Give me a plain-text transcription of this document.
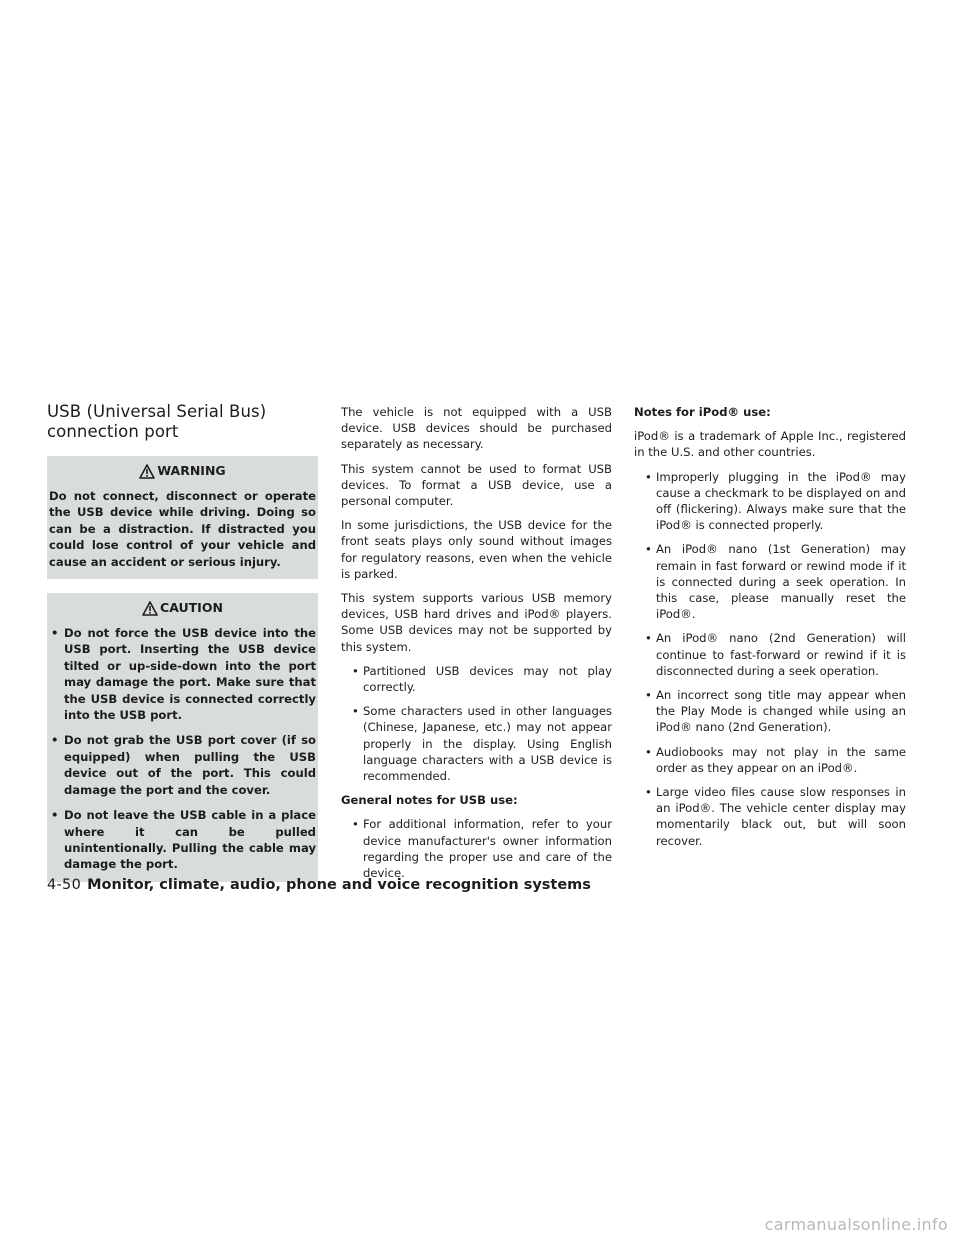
USB (Universal Serial Bus)
connection port
WARNING
Do not connect, disconnect or operate the USB device while driving. Doing so can be a distraction. If distracted you could lose control of your vehicle and cause an accident or serious injury.
CAUTION
• Do not force the USB device into the USB port. Inserting the USB device tilted or up-side-down into the port may damage the port. Make sure that the USB device is connected correctly into the USB port.
• Do not grab the USB port cover (if so equipped) when pulling the USB device out of the port. This could damage the port and the cover.
• Do not leave the USB cable in a place where it can be pulled unintentionally. Pulling the cable may damage the port.

The vehicle is not equipped with a USB device. USB devices should be purchased separately as necessary.

This system cannot be used to format USB devices. To format a USB device, use a personal computer.

In some jurisdictions, the USB device for the front seats plays only sound without images for regulatory reasons, even when the vehicle is parked.

This system supports various USB memory devices, USB hard drives and iPod® players. Some USB devices may not be supported by this system.

• Partitioned USB devices may not play correctly.
• Some characters used in other languages (Chinese, Japanese, etc.) may not appear properly in the display. Using English language characters with a USB device is recommended.
General notes for USB use:
• For additional information, refer to your device manufacturer's owner information regarding the proper use and care of the device.
Notes for iPod® use:

iPod® is a trademark of Apple Inc., registered in the U.S. and other countries.

• Improperly plugging in the iPod® may cause a checkmark to be displayed on and off (flickering). Always make sure that the iPod® is connected properly.
• An iPod® nano (1st Generation) may remain in fast forward or rewind mode if it is connected during a seek operation. In this case, please manually reset the iPod®.
• An iPod® nano (2nd Generation) will continue to fast-forward or rewind if it is disconnected during a seek operation.
• An incorrect song title may appear when the Play Mode is changed while using an iPod® nano (2nd Generation).
• Audiobooks may not play in the same order as they appear on an iPod®.
• Large video files cause slow responses in an iPod®. The vehicle center display may momentarily black out, but will soon recover.
4-50 Monitor, climate, audio, phone and voice recognition systems
carmanualsonline.info
